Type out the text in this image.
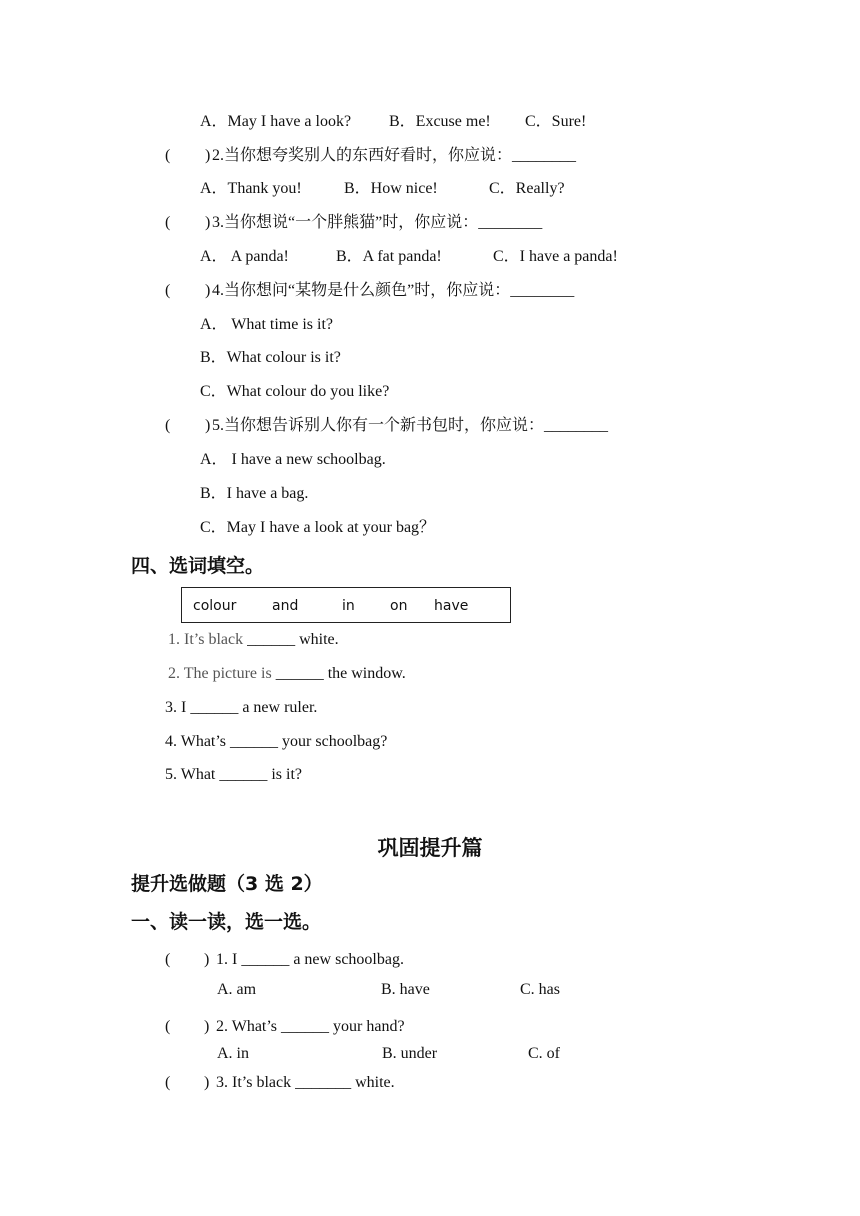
A．May I have a look? B．Excuse me! C．Sure!
( ) 2.当你想夸奖别人的东西好看时，你应说：________
A．Thank you!	B．How nice!	C．Really?
( ) 3.当你想说“一个胖熊猫”时，你应说：________
A． A panda!	B．A fat panda!	C．I have a panda!
( ) 4.当你想问“某物是什么颜色”时，你应说：________
A． What time is it?
B．What colour is it?
C．What colour do you like?
( ) 5.当你想告诉别人你有一个新书包时，你应说：________
A． I have a new schoolbag.
B．I have a bag.
C．May I have a look at your bag？
四、选词填空。
colour	and	in	on have
1. It’s black ______ white.
2. The picture is ______ the window.
3. I ______ a new ruler.
4. What’s ______ your schoolbag?
5. What ______ is it?
巩固提升篇
提升选做题（3 选 2）
一、读一读，选一选。
( ) 1. I ______ a new schoolbag.
A. am	B. have	C. has
( ) 2. What’s ______ your hand?
A. in	B. under	C. of
( ) 3. It’s black _______ white.
